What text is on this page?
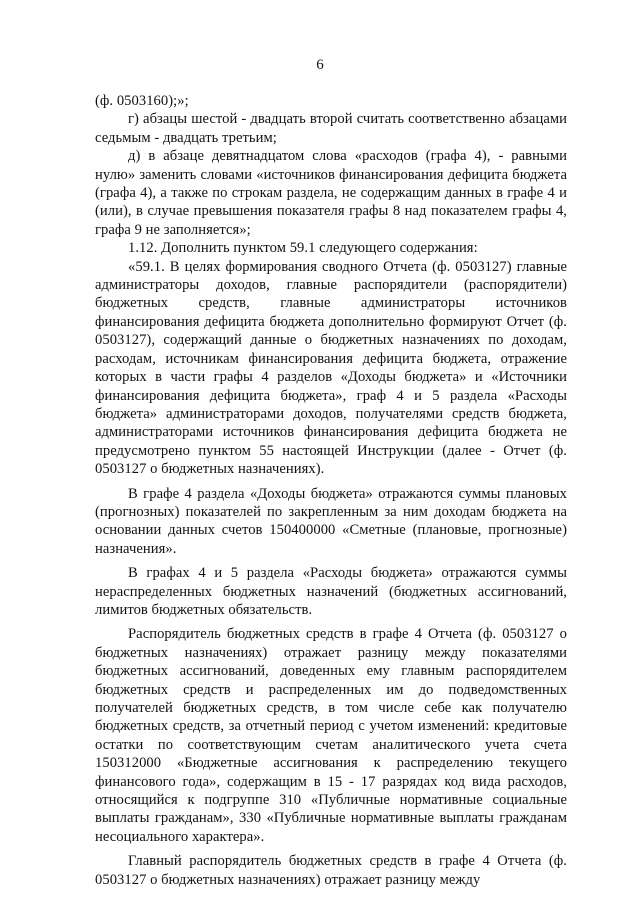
6

(ф. 0503160);»;

г) абзацы шестой - двадцать второй считать соответственно абзацами седьмым - двадцать третьим;

д) в абзаце девятнадцатом слова «расходов (графа 4), - равными нулю» заменить словами «источников финансирования дефицита бюджета (графа 4), а также по строкам раздела, не содержащим данных в графе 4 и (или), в случае превышения показателя графы 8 над показателем графы 4, графа 9 не заполняется»;

1.12. Дополнить пунктом 59.1 следующего содержания:

«59.1. В целях формирования сводного Отчета (ф. 0503127) главные администраторы доходов, главные распорядители (распорядители) бюджетных средств, главные администраторы источников финансирования дефицита бюджета дополнительно формируют Отчет (ф. 0503127), содержащий данные о бюджетных назначениях по доходам, расходам, источникам финансирования дефицита бюджета, отражение которых в части графы 4 разделов «Доходы бюджета» и «Источники финансирования дефицита бюджета», граф 4 и 5 раздела «Расходы бюджета» администраторами доходов, получателями средств бюджета, администраторами источников финансирования дефицита бюджета не предусмотрено пунктом 55 настоящей Инструкции (далее - Отчет (ф. 0503127 о бюджетных назначениях).

В графе 4 раздела «Доходы бюджета» отражаются суммы плановых (прогнозных) показателей по закрепленным за ним доходам бюджета на основании данных счетов 150400000 «Сметные (плановые, прогнозные) назначения».

В графах 4 и 5 раздела «Расходы бюджета» отражаются суммы нераспределенных бюджетных назначений (бюджетных ассигнований, лимитов бюджетных обязательств.

Распорядитель бюджетных средств в графе 4 Отчета (ф. 0503127 о бюджетных назначениях) отражает разницу между показателями бюджетных ассигнований, доведенных ему главным распорядителем бюджетных средств и распределенных им до подведомственных получателей бюджетных средств, в том числе себе как получателю бюджетных средств, за отчетный период с учетом изменений: кредитовые остатки по соответствующим счетам аналитического учета счета 150312000 «Бюджетные ассигнования к распределению текущего финансового года», содержащим в 15 - 17 разрядах код вида расходов, относящийся к подгруппе 310 «Публичные нормативные социальные выплаты гражданам», 330 «Публичные нормативные выплаты гражданам несоциального характера».

Главный распорядитель бюджетных средств в графе 4 Отчета (ф. 0503127 о бюджетных назначениях) отражает разницу между
